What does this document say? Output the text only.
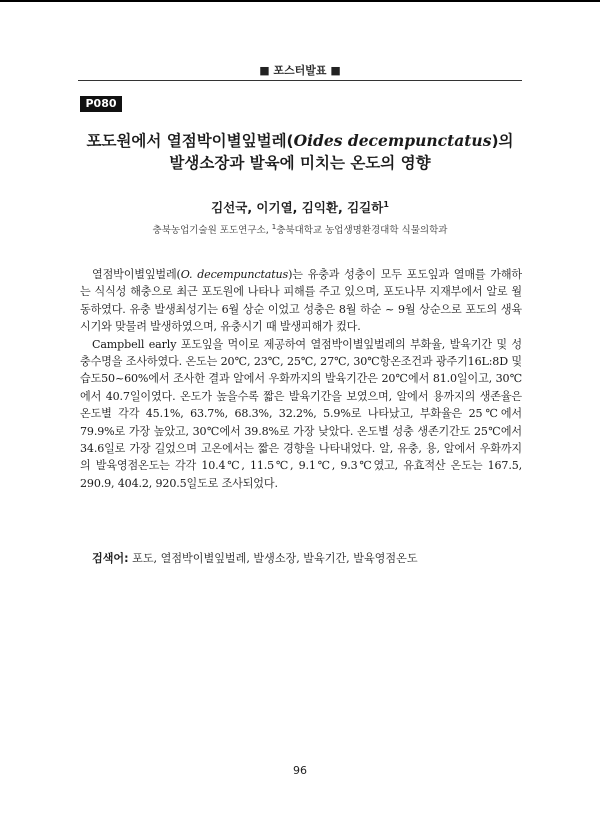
■ 포스터발표 ■
P080
포도원에서 열점박이별잎벌레(Oides decempunctatus)의
발생소장과 발육에 미치는 온도의 영향
김선국, 이기열, 김익환, 김길하$^1$
충북농업기술원 포도연구소, $^1$충북대학교 농업생명환경대학 식물의학과

열점박이별잎벌레(O. decempunctatus)는 유충과 성충이 모두 포도잎과 열매를 가해하는 식식성 해충으로 최근 포도원에 나타나 피해를 주고 있으며, 포도나무 지재부에서 알로 월동하였다. 유충 발생최성기는 6월 상순 이었고 성충은 8월 하순 ~ 9월 상순으로 포도의 생육시기와 맞물려 발생하였으며, 유충시기 때 발생피해가 컸다.

Campbell early 포도잎을 먹이로 제공하여 열점박이별잎벌레의 부화율, 발육기간 및 성충수명을 조사하였다. 온도는 20℃, 23℃, 25℃, 27℃, 30℃항온조건과 광주기16L:8D 및 습도50~60%에서 조사한 결과 알에서 우화까지의 발육기간은 20℃에서 81.0일이고, 30℃에서 40.7일이였다. 온도가 높을수록 짧은 발육기간을 보였으며, 알에서 용까지의 생존율은 온도별 각각 45.1%, 63.7%, 68.3%, 32.2%, 5.9%로 나타났고, 부화율은 25℃에서 79.9%로 가장 높았고, 30℃에서 39.8%로 가장 낮았다. 온도별 성충 생존기간도 25℃에서 34.6일로 가장 길었으며 고온에서는 짧은 경향을 나타내었다. 알, 유충, 용, 알에서 우화까지의 발육영점온도는 각각 10.4℃, 11.5℃, 9.1℃, 9.3℃였고, 유효적산 온도는 167.5, 290.9, 404.2, 920.5일도로 조사되었다.

검색어: 포도, 열점박이별잎벌레, 발생소장, 발육기간, 발육영점온도
96
